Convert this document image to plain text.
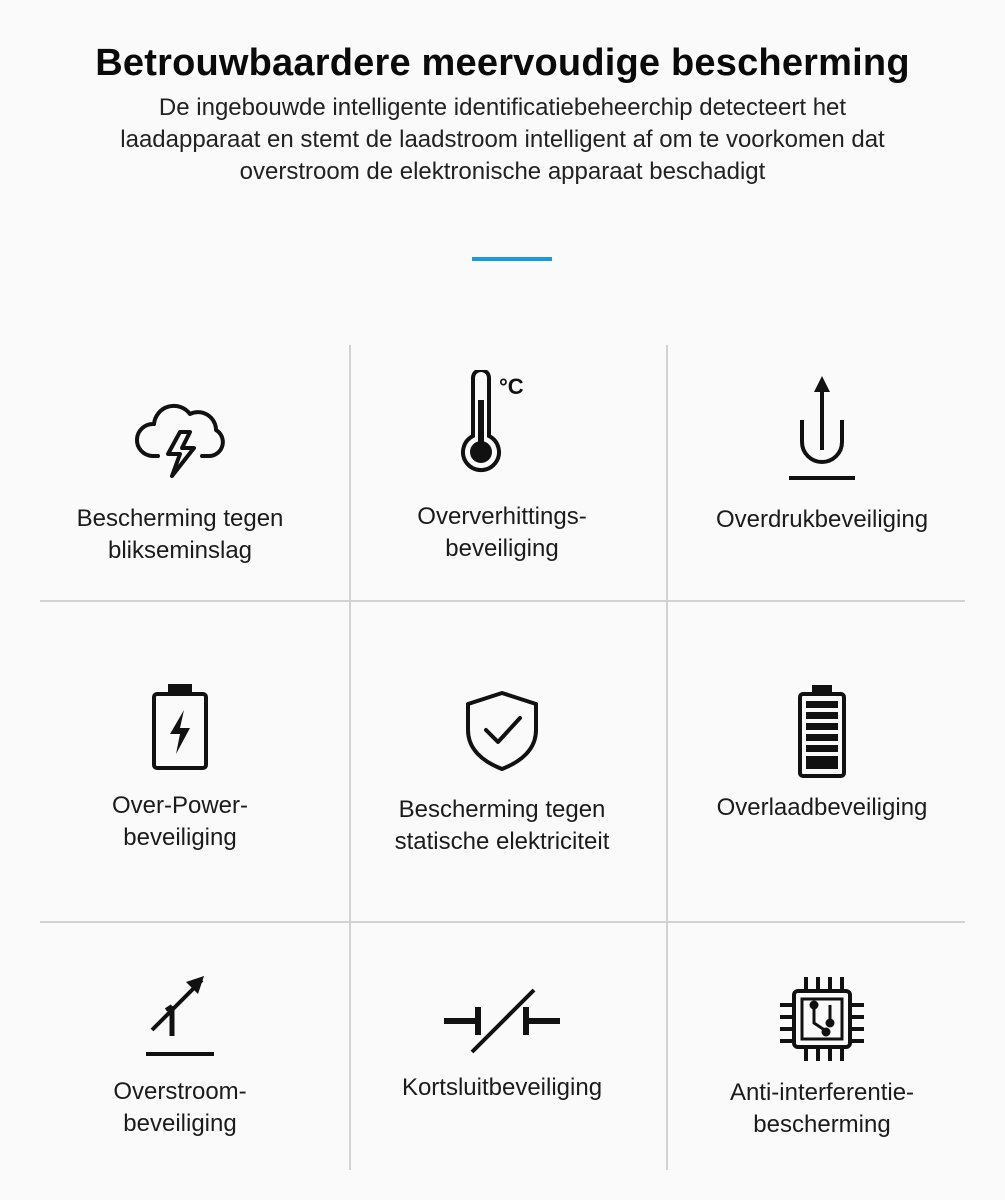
Betrouwbaardere meervoudige bescherming

De ingebouwde intelligente identificatiebeheerchip detecteert het
laadapparaat en stemt de laadstroom intelligent af om te voorkomen dat
overstroom de elektronische apparaat beschadigt

Bescherming tegen
blikseminslag
°C
Oververhittings-
beveiliging
Overdrukbeveiliging
Over-Power-
beveiliging
Bescherming tegen
statische elektriciteit
Overlaadbeveiliging
Overstroom-
beveiliging
Kortsluitbeveiliging	Anti-interferentie-
bescherming
